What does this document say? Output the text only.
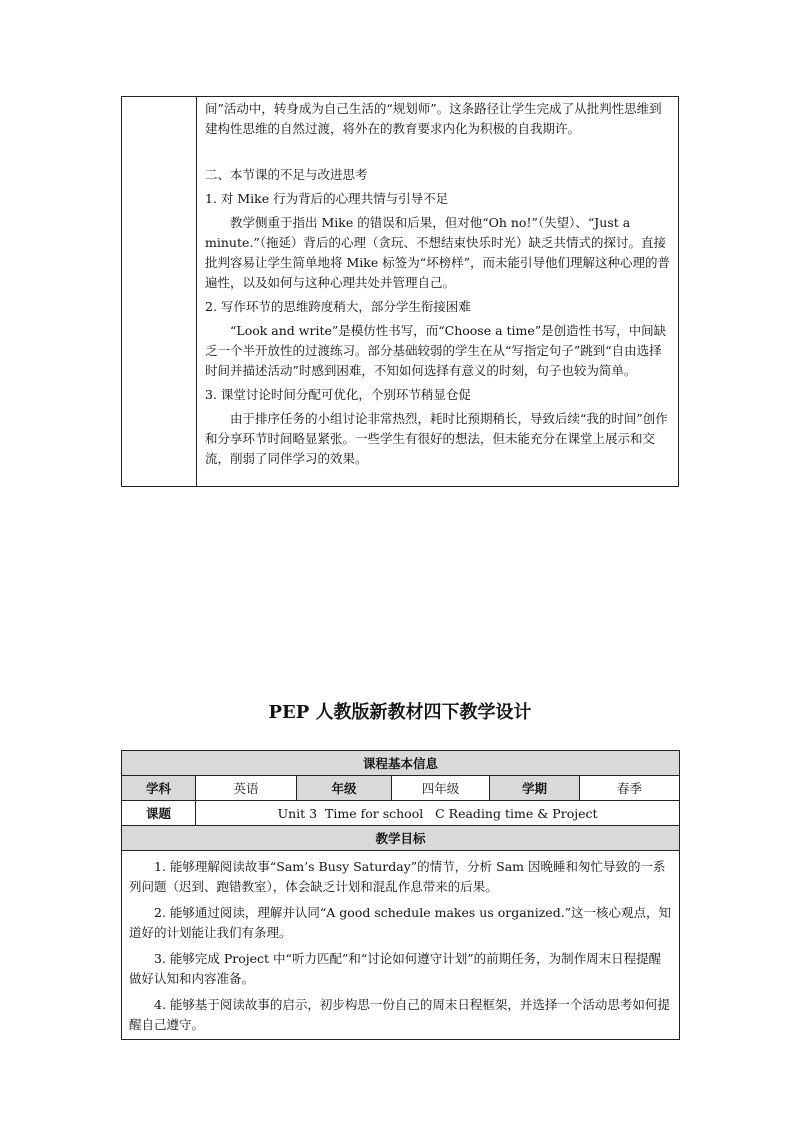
间”活动中，转身成为自己生活的“规划师”。这条路径让学生完成了从批判性思维到建构性思维的自然过渡，将外在的教育要求内化为积极的自我期许。

二、本节课的不足与改进思考

1. 对 Mike 行为背后的心理共情与引导不足

教学侧重于指出 Mike 的错误和后果，但对他“Oh no!”（失望）、“Just a minute.”（拖延）背后的心理（贪玩、不想结束快乐时光）缺乏共情式的探讨。直接批判容易让学生简单地将 Mike 标签为“坏榜样”，而未能引导他们理解这种心理的普遍性，以及如何与这种心理共处并管理自己。

2. 写作环节的思维跨度稍大，部分学生衔接困难

“Look and write”是模仿性书写，而“Choose a time”是创造性书写，中间缺乏一个半开放性的过渡练习。部分基础较弱的学生在从“写指定句子”跳到“自由选择时间并描述活动”时感到困难，不知如何选择有意义的时刻，句子也较为简单。

3. 课堂讨论时间分配可优化，个别环节稍显仓促

由于排序任务的小组讨论非常热烈，耗时比预期稍长，导致后续“我的时间”创作和分享环节时间略显紧张。一些学生有很好的想法，但未能充分在课堂上展示和交流，削弱了同伴学习的效果。

PEP 人教版新教材四下教学设计
课程基本信息					
学科	英语	年级	四年级	学期	春季
课题	Unit 3  Time for school   C Reading time & Project				
教学目标					

1. 能够理解阅读故事“Sam’s Busy Saturday”的情节，分析 Sam 因晚睡和匆忙导致的一系列问题（迟到、跑错教室），体会缺乏计划和混乱作息带来的后果。

2. 能够通过阅读，理解并认同“A good schedule makes us organized.”这一核心观点，知道好的计划能让我们有条理。

3. 能够完成 Project 中“听力匹配”和“讨论如何遵守计划”的前期任务，为制作周末日程提醒做好认知和内容准备。

4. 能够基于阅读故事的启示，初步构思一份自己的周末日程框架，并选择一个活动思考如何提醒自己遵守。					
